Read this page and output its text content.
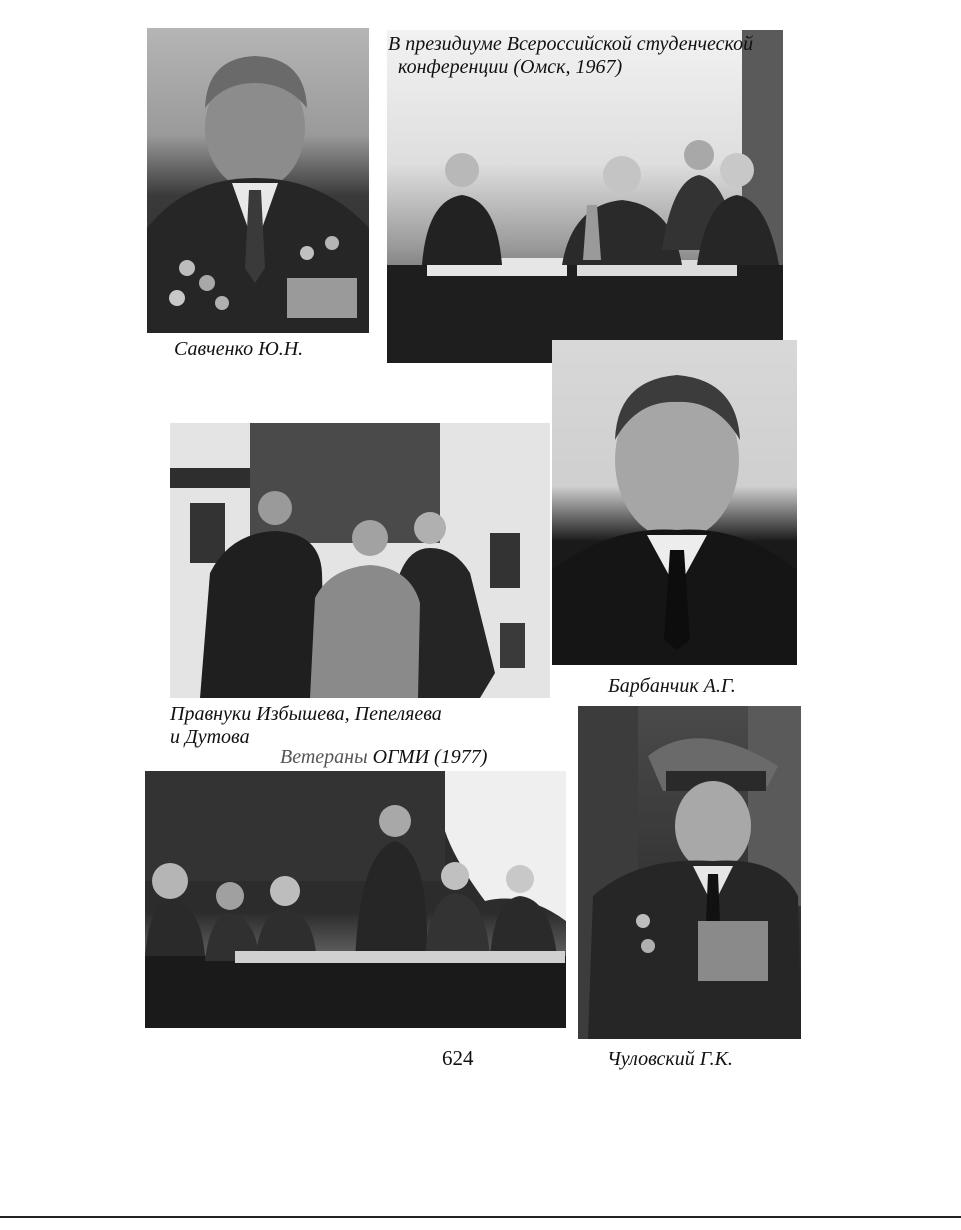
Савченко Ю.Н.
В президиуме Всероссийской студенческой
конференции (Омск, 1967)
Барбанчик А.Г.
Правнуки Избышева, Пепеляева
и Дутова
Ветераны ОГМИ (1977)
624	Чуловский Г.К.
